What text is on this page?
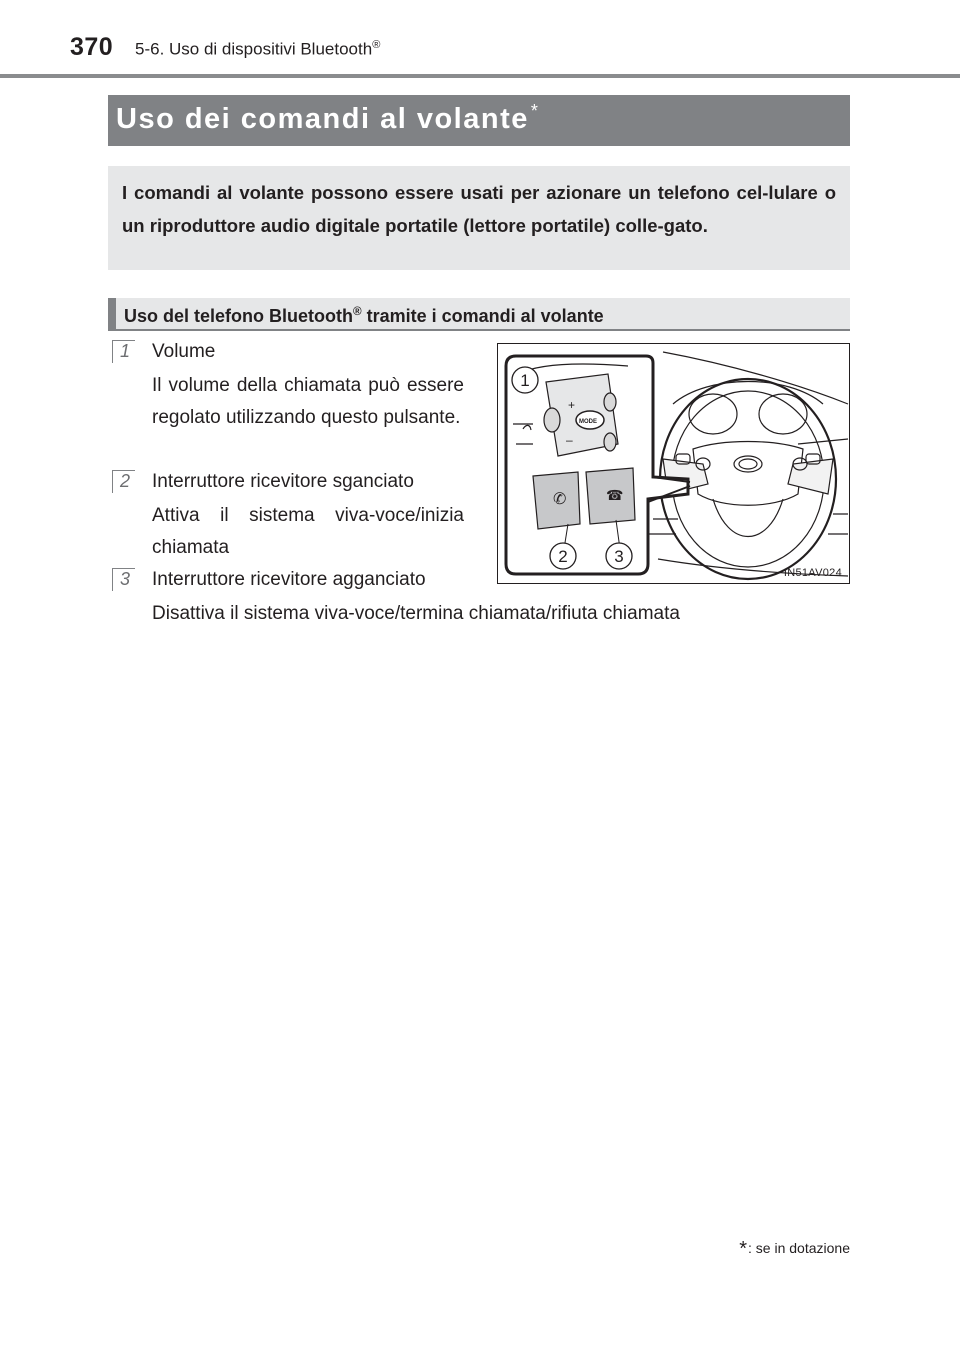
370 5-6. Uso di dispositivi Bluetooth®
Uso dei comandi al volante *
I comandi al volante possono essere usati per azionare un telefono cel-lulare o un riproduttore audio digitale portatile (lettore portatile) colle-gato.
Uso del telefono Bluetooth® tramite i comandi al volante
1 Volume
Il volume della chiamata può essere regolato utilizzando questo pulsante.
2 Interruttore ricevitore sganciato
Attiva il sistema viva-voce/inizia chiamata
3 Interruttore ricevitore agganciato
Disattiva il sistema viva-voce/termina chiamata/rifiuta chiamata
MODE
+
–
✆	☎
1
2	3
IN51AV024
*: se in dotazione
